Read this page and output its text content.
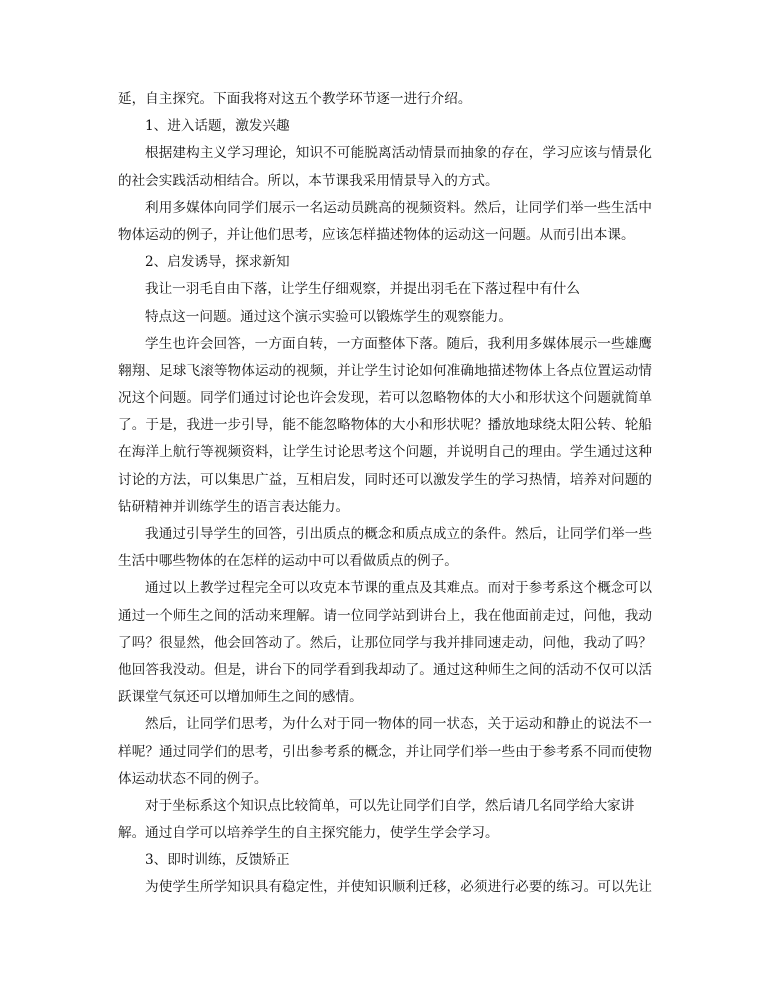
延，自主探究。下面我将对这五个教学环节逐一进行介绍。
1、进入话题，激发兴趣
根据建构主义学习理论，知识不可能脱离活动情景而抽象的存在，学习应该与情景化
的社会实践活动相结合。所以，本节课我采用情景导入的方式。
利用多媒体向同学们展示一名运动员跳高的视频资料。然后，让同学们举一些生活中
物体运动的例子，并让他们思考，应该怎样描述物体的运动这一问题。从而引出本课。
2、启发诱导，探求新知
我让一羽毛自由下落，让学生仔细观察，并提出羽毛在下落过程中有什么
特点这一问题。通过这个演示实验可以锻炼学生的观察能力。
学生也许会回答，一方面自转，一方面整体下落。随后，我利用多媒体展示一些雄鹰
翱翔、足球飞滚等物体运动的视频，并让学生讨论如何准确地描述物体上各点位置运动情
况这个问题。同学们通过讨论也许会发现，若可以忽略物体的大小和形状这个问题就简单
了。于是，我进一步引导，能不能忽略物体的大小和形状呢？播放地球绕太阳公转、轮船
在海洋上航行等视频资料，让学生讨论思考这个问题，并说明自己的理由。学生通过这种
讨论的方法，可以集思广益，互相启发，同时还可以激发学生的学习热情，培养对问题的
钻研精神并训练学生的语言表达能力。
我通过引导学生的回答，引出质点的概念和质点成立的条件。然后，让同学们举一些
生活中哪些物体的在怎样的运动中可以看做质点的例子。
通过以上教学过程完全可以攻克本节课的重点及其难点。而对于参考系这个概念可以
通过一个师生之间的活动来理解。请一位同学站到讲台上，我在他面前走过，问他，我动
了吗？很显然，他会回答动了。然后，让那位同学与我并排同速走动，问他，我动了吗？
他回答我没动。但是，讲台下的同学看到我却动了。通过这种师生之间的活动不仅可以活
跃课堂气氛还可以增加师生之间的感情。
然后，让同学们思考，为什么对于同一物体的同一状态，关于运动和静止的说法不一
样呢？通过同学们的思考，引出参考系的概念，并让同学们举一些由于参考系不同而使物
体运动状态不同的例子。
对于坐标系这个知识点比较简单，可以先让同学们自学，然后请几名同学给大家讲
解。通过自学可以培养学生的自主探究能力，使学生学会学习。
3、即时训练，反馈矫正
为使学生所学知识具有稳定性，并使知识顺利迁移，必须进行必要的练习。可以先让
